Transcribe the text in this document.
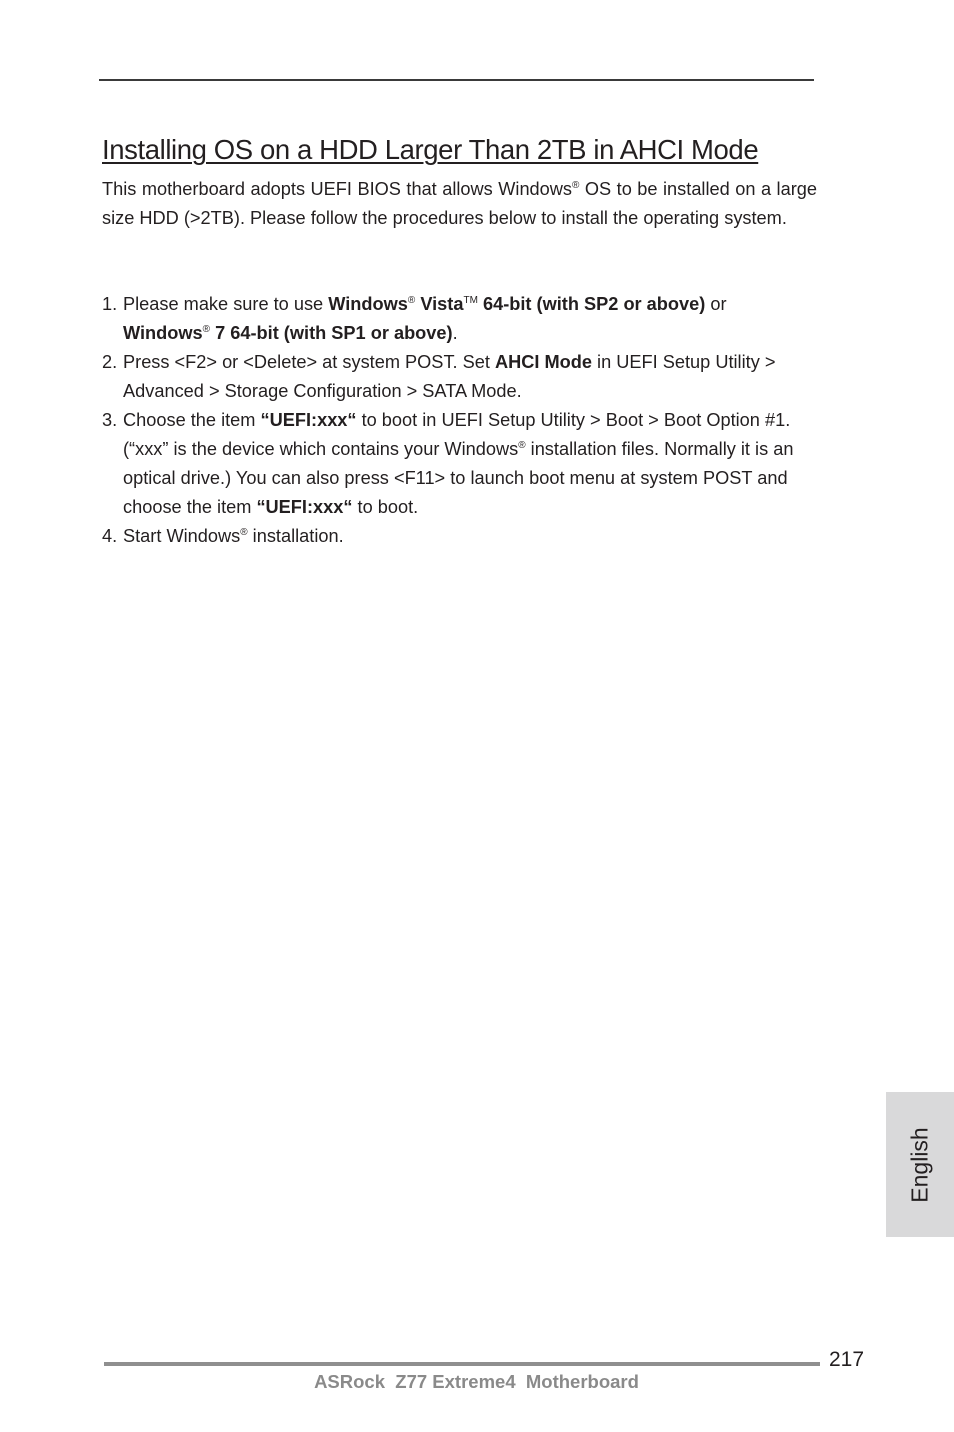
Installing OS on a HDD Larger Than 2TB in AHCI Mode

This motherboard adopts UEFI BIOS that allows Windows® OS to be installed on a large size HDD (>2TB). Please follow the procedures below to install the operating system.

1. Please make sure to use Windows® Vista™ 64-bit (with SP2 or above) or
Windows® 7 64-bit (with SP1 or above).
2. Press <F2> or <Delete> at system POST. Set AHCI Mode in UEFI Setup Utility > Advanced > Storage Configuration > SATA Mode.
3. Choose the item “UEFI:xxx“ to boot in UEFI Setup Utility > Boot > Boot Option #1. (“xxx” is the device which contains your Windows® installation files. Normally it is an optical drive.) You can also press <F11> to launch boot menu at system POST and choose the item “UEFI:xxx“ to boot.
4. Start Windows® installation.
English
217
ASRock  Z77 Extreme4  Motherboard
